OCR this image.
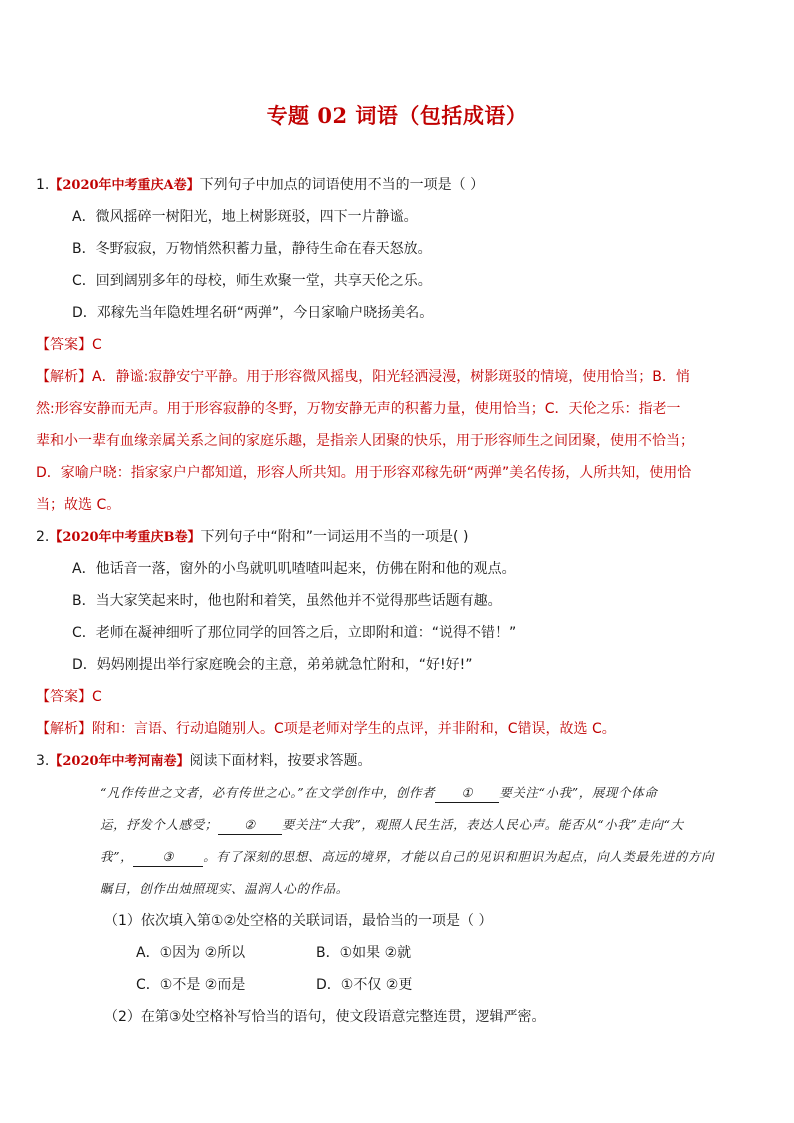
专题 02 词语（包括成语）
1.【2020年中考重庆A卷】下列句子中加点的词语使用不当的一项是（ ）
A．微风摇碎一树阳光，地上树影斑驳，四下一片静谧。
B．冬野寂寂，万物悄然积蓄力量，静待生命在春天怒放。
C．回到阔别多年的母校，师生欢聚一堂，共享天伦之乐。
D．邓稼先当年隐姓埋名研“两弹”，今日家喻户晓扬美名。
【答案】C
【解析】A．静谧:寂静安宁平静。用于形容微风摇曳，阳光轻洒浸漫，树影斑驳的情境，使用恰当；B．悄
然:形容安静而无声。用于形容寂静的冬野，万物安静无声的积蓄力量，使用恰当；C．天伦之乐：指老一
辈和小一辈有血缘亲属关系之间的家庭乐趣，是指亲人团聚的快乐，用于形容师生之间团聚，使用不恰当；
D．家喻户晓：指家家户户都知道，形容人所共知。用于形容邓稼先研“两弹”美名传扬，人所共知，使用恰
当；故选 C。
2.【2020年中考重庆B卷】下列句子中“附和”一词运用不当的一项是( )
A．他话音一落，窗外的小鸟就叽叽喳喳叫起来，仿佛在附和他的观点。
B．当大家笑起来时，他也附和着笑，虽然他并不觉得那些话题有趣。
C．老师在凝神细听了那位同学的回答之后，立即附和道：“说得不错！”
D．妈妈刚提出举行家庭晚会的主意，弟弟就急忙附和，“好!好!”
【答案】C
【解析】附和：言语、行动追随别人。C项是老师对学生的点评，并非附和，C错误，故选 C。
3.【2020年中考河南卷】阅读下面材料，按要求答题。
“凡作传世之文者，必有传世之心。”在文学创作中，创作者 ① 要关注“小我”，展现个体命
运，抒发个人感受； ② 要关注“大我”，观照人民生活，表达人民心声。能否从“小我”走向“大
我”， ③ 。有了深刻的思想、高远的境界，才能以自己的见识和胆识为起点，向人类最先进的方向
瞩目，创作出烛照现实、温润人心的作品。
（1）依次填入第①②处空格的关联词语，最恰当的一项是（ ）
A．①因为 ②所以	B．①如果 ②就
C．①不是 ②而是	D．①不仅 ②更
（2）在第③处空格补写恰当的语句，使文段语意完整连贯，逻辑严密。
